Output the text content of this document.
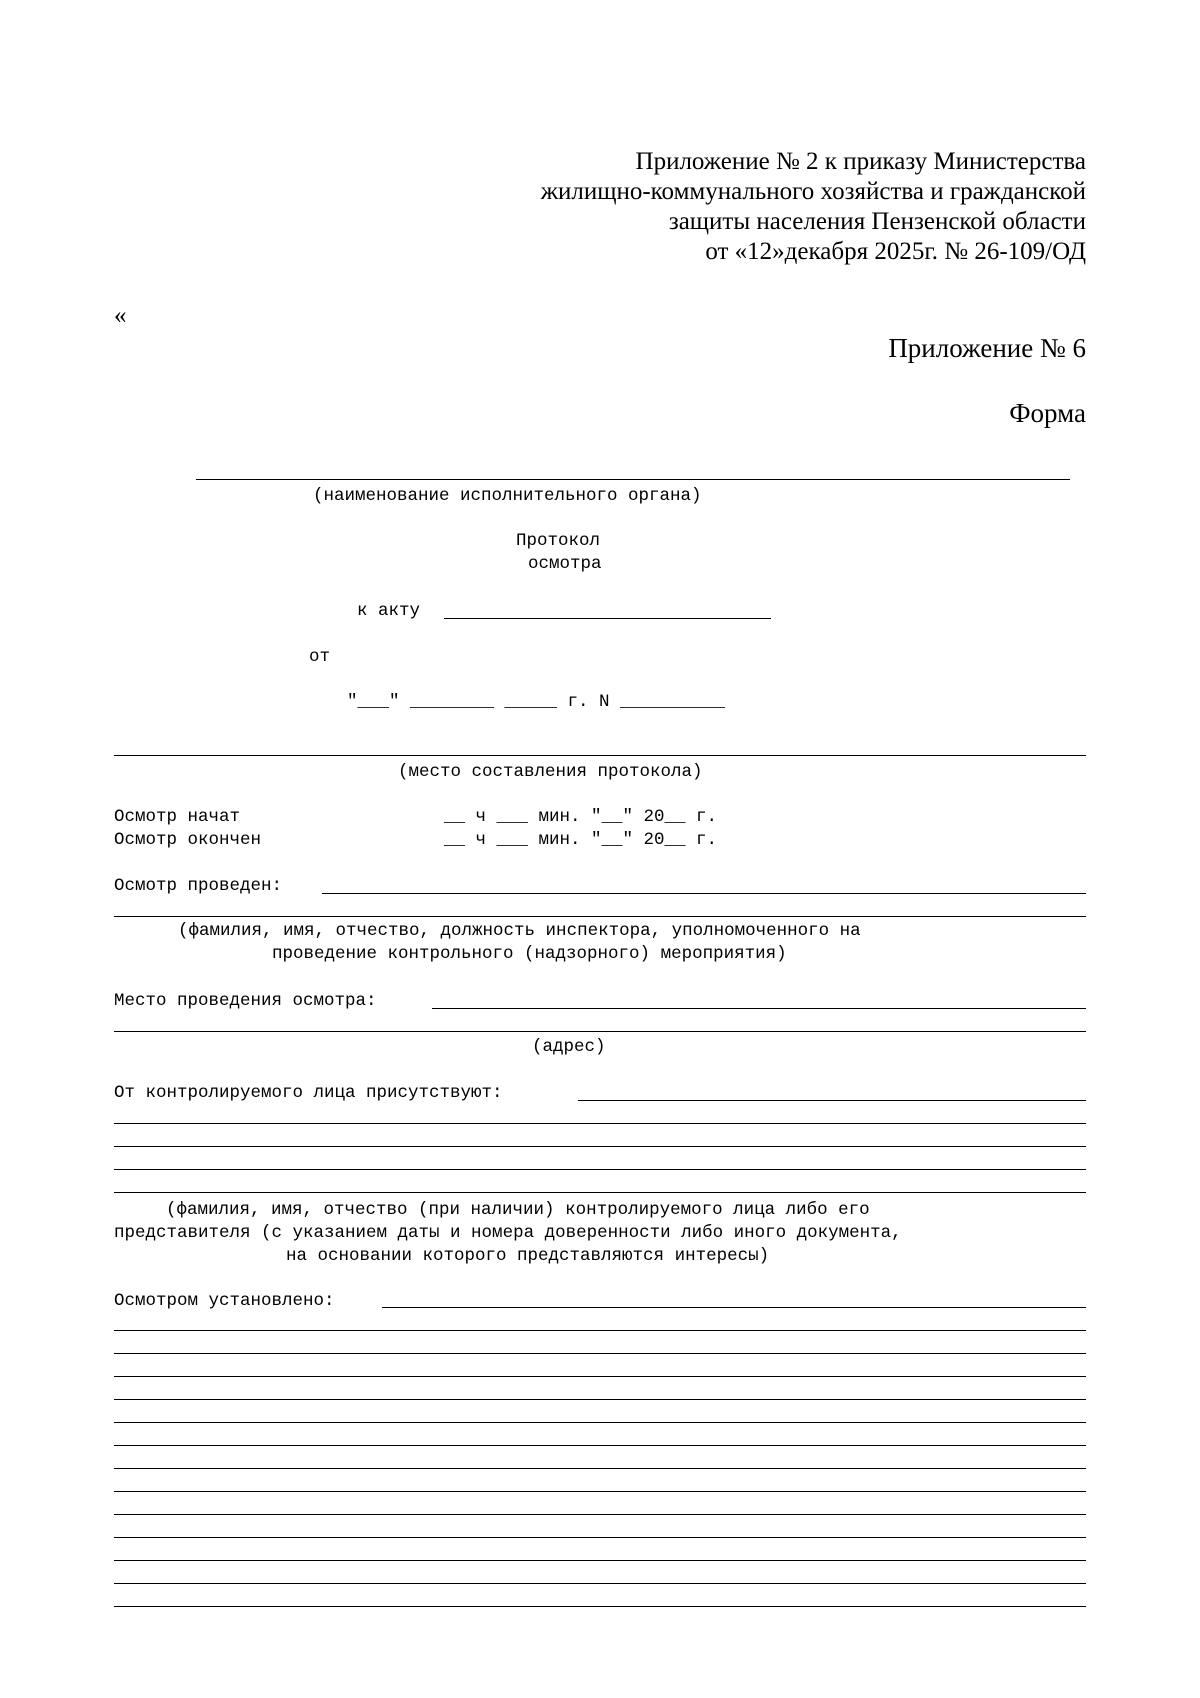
Приложение № 2 к приказу Министерства
жилищно-коммунального хозяйства и гражданской
защиты населения Пензенской области
от «12»декабря 2025г. № 26-109/ОД
«
Приложение № 6
Форма
(наименование исполнительного органа)
Протокол
осмотра
к акту
от
"___" ________ _____ г. N __________
(место составления протокола)
Осмотр начат	__ ч ___ мин. "__" 20__ г.
Осмотр окончен	__ ч ___ мин. "__" 20__ г.
Осмотр проведен:
(фамилия, имя, отчество, должность инспектора, уполномоченного на
проведение контрольного (надзорного) мероприятия)
Место проведения осмотра:
(адрес)
От контролируемого лица присутствуют:
(фамилия, имя, отчество (при наличии) контролируемого лица либо его
представителя (с указанием даты и номера доверенности либо иного документа,
на основании которого представляются интересы)
Осмотром установлено:
